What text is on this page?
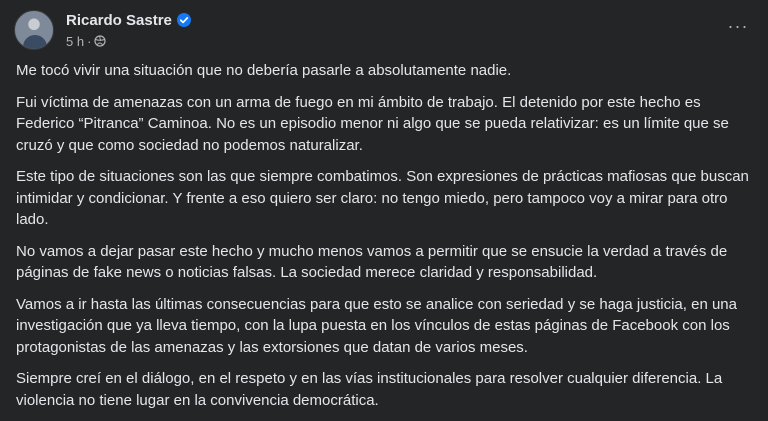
Ricardo Sastre
5 h ·
···

Me tocó vivir una situación que no debería pasarle a absolutamente nadie.

Fui víctima de amenazas con un arma de fuego en mi ámbito de trabajo. El detenido por este hecho es Federico “Pitranca” Caminoa. No es un episodio menor ni algo que se pueda relativizar: es un límite que se cruzó y que como sociedad no podemos naturalizar.

Este tipo de situaciones son las que siempre combatimos. Son expresiones de prácticas mafiosas que buscan intimidar y condicionar. Y frente a eso quiero ser claro: no tengo miedo, pero tampoco voy a mirar para otro lado.

No vamos a dejar pasar este hecho y mucho menos vamos a permitir que se ensucie la verdad a través de páginas de fake news o noticias falsas. La sociedad merece claridad y responsabilidad.

Vamos a ir hasta las últimas consecuencias para que esto se analice con seriedad y se haga justicia, en una investigación que ya lleva tiempo, con la lupa puesta en los vínculos de estas páginas de Facebook con los protagonistas de las amenazas y las extorsiones que datan de varios meses.

Siempre creí en el diálogo, en el respeto y en las vías institucionales para resolver cualquier diferencia. La violencia no tiene lugar en la convivencia democrática.
